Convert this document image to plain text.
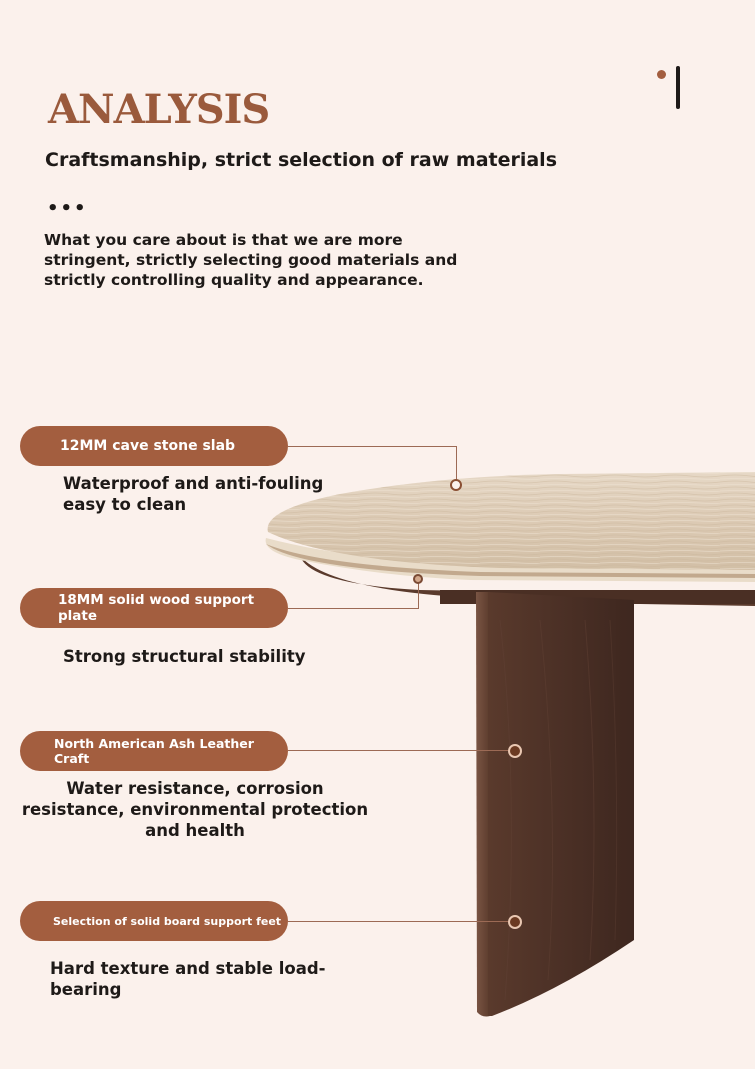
ANALYSIS
Craftsmanship, strict selection of raw materials
•••
What you care about is that we are more stringent, strictly selecting good materials and strictly controlling quality and appearance.
12MM cave stone slab
Waterproof and anti-fouling easy to clean
18MM solid wood support plate
Strong structural stability
North American Ash Leather Craft
Water resistance, corrosion resistance, environmental protection and health
Selection of solid board support feet
Hard texture and stable load-bearing
